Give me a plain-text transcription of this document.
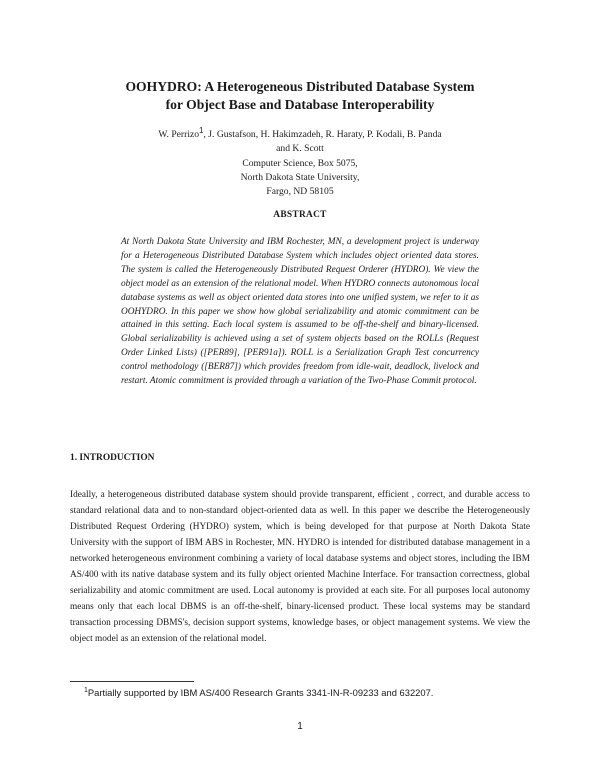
OOHYDRO: A Heterogeneous Distributed Database System
for Object Base and Database Interoperability
W. Perrizo$^1$, J. Gustafson, H. Hakimzadeh, R. Haraty, P. Kodali, B. Panda
and K. Scott
Computer Science, Box 5075,
North Dakota State University,
Fargo, ND 58105
ABSTRACT
At North Dakota State University and IBM Rochester, MN, a development project is underway for a Heterogeneous Distributed Database System which includes object oriented data stores. The system is called the Heterogeneously Distributed Request Orderer (HYDRO). We view the object model as an extension of the relational model. When HYDRO connects autonomous local database systems as well as object oriented data stores into one unified system, we refer to it as OOHYDRO. In this paper we show how global serializability and atomic commitment can be attained in this setting. Each local system is assumed to be off-the-shelf and binary-licensed. Global serializability is achieved using a set of system objects based on the ROLLs (Request Order Linked Lists) ([PER89], [PER91a]). ROLL is a Serialization Graph Test concurrency control methodology ([BER87]) which provides freedom from idle-wait, deadlock, livelock and restart. Atomic commitment is provided through a variation of the Two-Phase Commit protocol.
1. INTRODUCTION
Ideally, a heterogeneous distributed database system should provide transparent, efficient , correct, and durable access to standard relational data and to non-standard object-oriented data as well. In this paper we describe the Heterogeneously Distributed Request Ordering (HYDRO) system, which is being developed for that purpose at North Dakota State University with the support of IBM ABS in Rochester, MN. HYDRO is intended for distributed database management in a networked heterogeneous environment combining a variety of local database systems and object stores, including the IBM AS/400 with its native database system and its fully object oriented Machine Interface. For transaction correctness, global serializability and atomic commitment are used. Local autonomy is provided at each site. For all purposes local autonomy means only that each local DBMS is an off-the-shelf, binary-licensed product. These local systems may be standard transaction processing DBMS's, decision support systems, knowledge bases, or object management systems. We view the object model as an extension of the relational model.
$^1$Partially supported by IBM AS/400 Research Grants 3341-IN-R-09233 and 632207.
1
